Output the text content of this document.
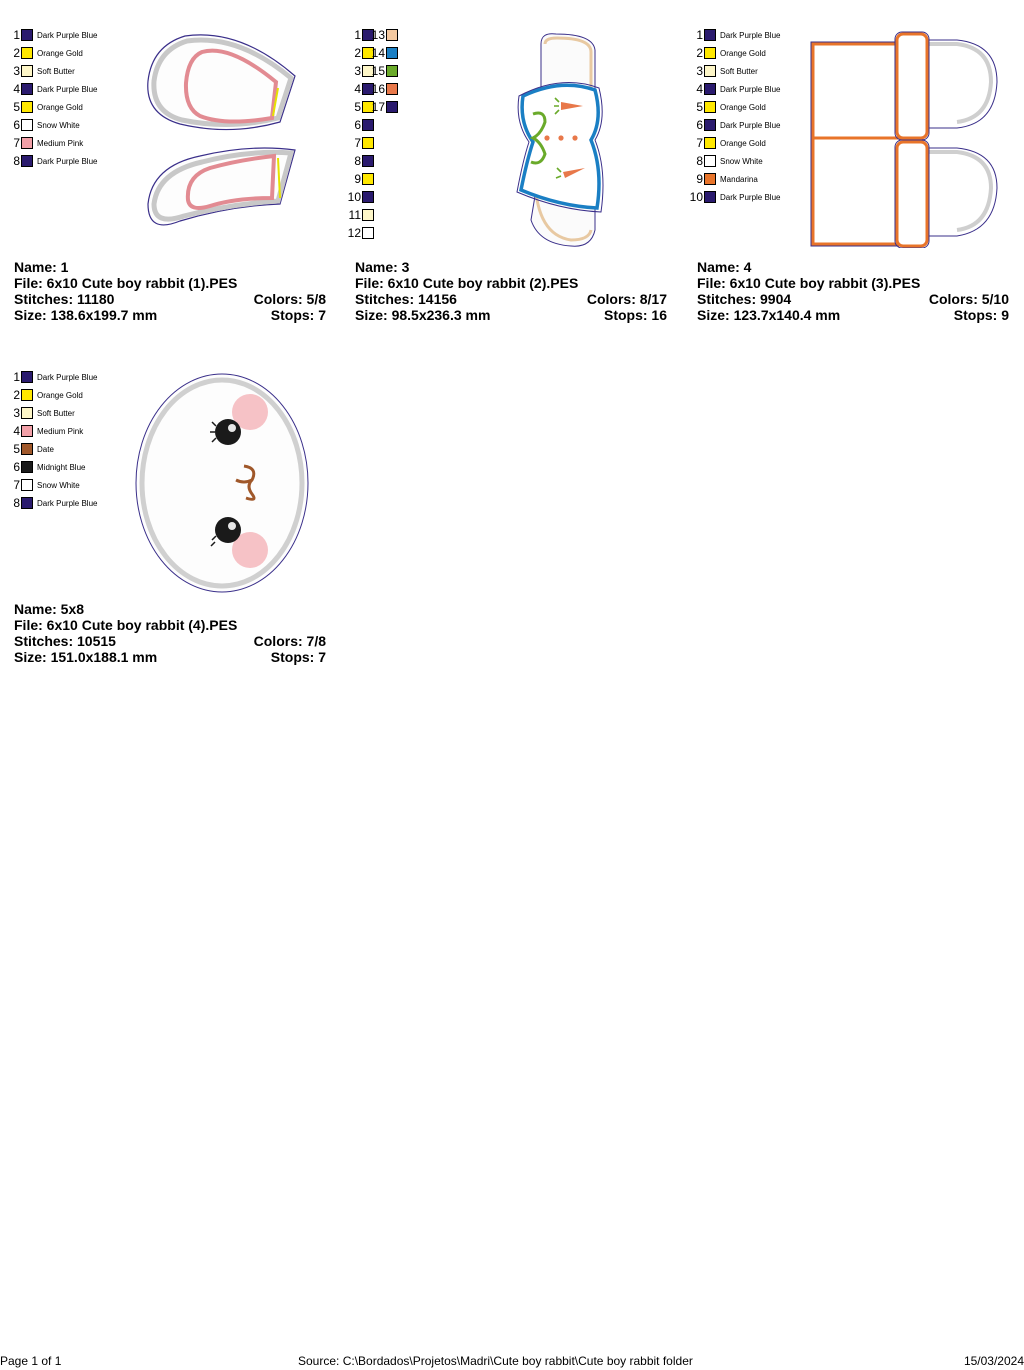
1 Dark Purple Blue
2 Orange Gold
3 Soft Butter
4 Dark Purple Blue
5 Orange Gold
6 Snow White
7 Medium Pink
8 Dark Purple Blue
Name: 1
File: 6x10 Cute boy rabbit (1).PES
Stitches: 11180	Colors: 5/8
Size: 138.6x199.7 mm	Stops: 7
1
2
3
4
5
6
7
8
9
10
11
12
13
14
15
16
17
Name: 3
File: 6x10 Cute boy rabbit (2).PES
Stitches: 14156	Colors: 8/17
Size: 98.5x236.3 mm	Stops: 16
1 Dark Purple Blue
2 Orange Gold
3 Soft Butter
4 Dark Purple Blue
5 Orange Gold
6 Dark Purple Blue
7 Orange Gold
8 Snow White
9 Mandarina
10 Dark Purple Blue
Name: 4
File: 6x10 Cute boy rabbit (3).PES
Stitches: 9904	Colors: 5/10
Size: 123.7x140.4 mm	Stops: 9
1 Dark Purple Blue
2 Orange Gold
3 Soft Butter
4 Medium Pink
5 Date
6 Midnight Blue
7 Snow White
8 Dark Purple Blue
Name: 5x8
File: 6x10 Cute boy rabbit (4).PES
Stitches: 10515	Colors: 7/8
Size: 151.0x188.1 mm	Stops: 7
Page 1 of 1	Source: C:\Bordados\Projetos\Madri\Cute boy rabbit\Cute boy rabbit folder	15/03/2024
